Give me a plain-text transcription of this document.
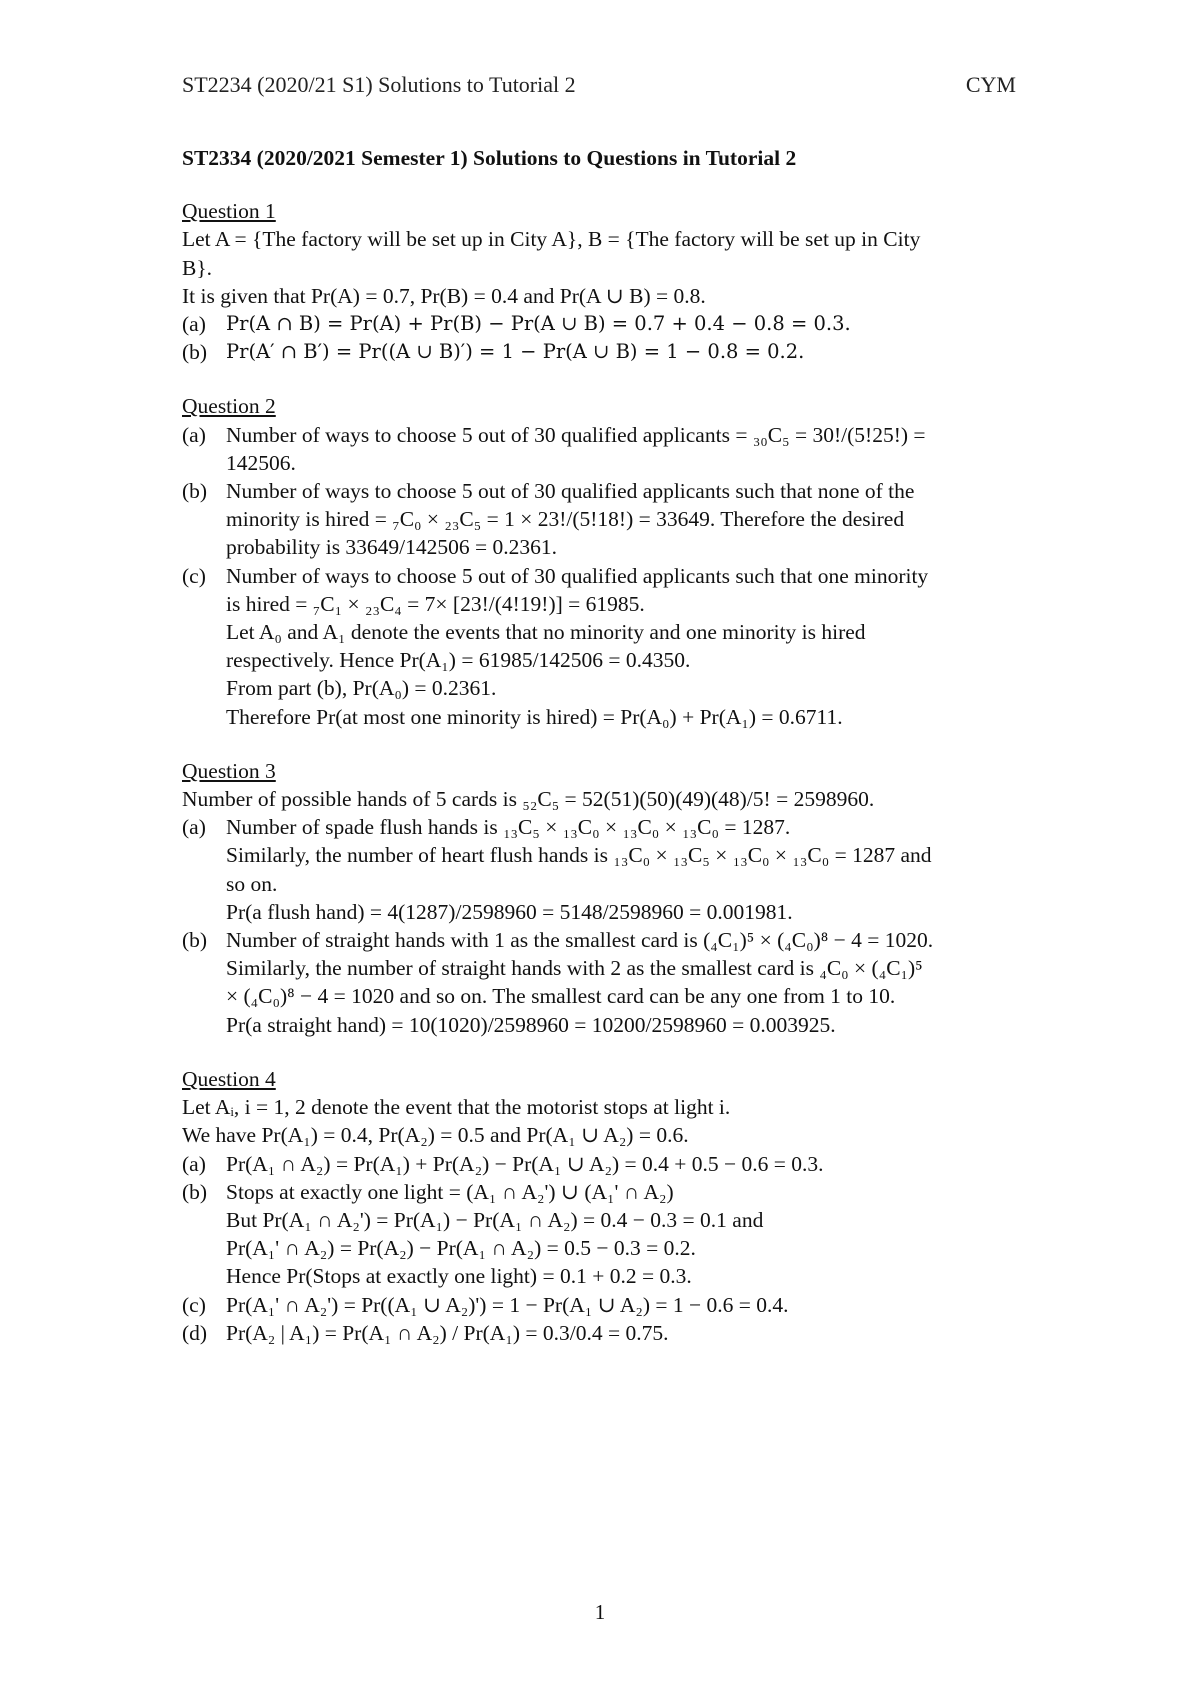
ST2234 (2020/21 S1) Solutions to Tutorial 2	CYM
ST2334 (2020/2021 Semester 1) Solutions to Questions in Tutorial 2
Question 1
Let A = {The factory will be set up in City A}, B = {The factory will be set up in City
B}.
It is given that Pr(A) = 0.7, Pr(B) = 0.4 and Pr(A ∪ B) = 0.8.
(a)	Pr(A ∩ B) = Pr(A) + Pr(B) − Pr(A ∪ B) = 0.7 + 0.4 − 0.8 = 0.3.
(b) Pr(A′ ∩ B′) = Pr((A ∪ B)′) = 1 − Pr(A ∪ B) = 1 − 0.8 = 0.2.
Question 2
(a) Number of ways to choose 5 out of 30 qualified applicants = ₃₀C₅ = 30!/(5!25!) =
142506.
(b) Number of ways to choose 5 out of 30 qualified applicants such that none of the
minority is hired = ₇C₀ × ₂₃C₅ = 1 × 23!/(5!18!) = 33649. Therefore the desired
probability is 33649/142506 = 0.2361.
(c) Number of ways to choose 5 out of 30 qualified applicants such that one minority
is hired = ₇C₁ × ₂₃C₄ = 7× [23!/(4!19!)] = 61985.
Let A₀ and A₁ denote the events that no minority and one minority is hired
respectively. Hence Pr(A₁) = 61985/142506 = 0.4350.
From part (b), Pr(A₀) = 0.2361.
Therefore Pr(at most one minority is hired) = Pr(A₀) + Pr(A₁) = 0.6711.
Question 3
Number of possible hands of 5 cards is ₅₂C₅ = 52(51)(50)(49)(48)/5! = 2598960.
(a) Number of spade flush hands is ₁₃C₅ × ₁₃C₀ × ₁₃C₀ × ₁₃C₀ = 1287.
Similarly, the number of heart flush hands is ₁₃C₀ × ₁₃C₅ × ₁₃C₀ × ₁₃C₀ = 1287 and
so on.
Pr(a flush hand) = 4(1287)/2598960 = 5148/2598960 = 0.001981.
(b) Number of straight hands with 1 as the smallest card is (₄C₁)⁵ × (₄C₀)⁸ − 4 = 1020.
Similarly, the number of straight hands with 2 as the smallest card is ₄C₀ × (₄C₁)⁵
× (₄C₀)⁸ − 4 = 1020 and so on. The smallest card can be any one from 1 to 10.
Pr(a straight hand) = 10(1020)/2598960 = 10200/2598960 = 0.003925.
Question 4
Let Aᵢ, i = 1, 2 denote the event that the motorist stops at light i.
We have Pr(A₁) = 0.4, Pr(A₂) = 0.5 and Pr(A₁ ∪ A₂) = 0.6.
(a) Pr(A₁ ∩ A₂) = Pr(A₁) + Pr(A₂) − Pr(A₁ ∪ A₂) = 0.4 + 0.5 − 0.6 = 0.3.
(b) Stops at exactly one light = (A₁ ∩ A₂') ∪ (A₁' ∩ A₂)
But Pr(A₁ ∩ A₂') = Pr(A₁) − Pr(A₁ ∩ A₂) = 0.4 − 0.3 = 0.1 and
Pr(A₁' ∩ A₂) = Pr(A₂) − Pr(A₁ ∩ A₂) = 0.5 − 0.3 = 0.2.
Hence Pr(Stops at exactly one light) = 0.1 + 0.2 = 0.3.
(c) Pr(A₁' ∩ A₂') = Pr((A₁ ∪ A₂)') = 1 − Pr(A₁ ∪ A₂) = 1 − 0.6 = 0.4.
(d) Pr(A₂ | A₁) = Pr(A₁ ∩ A₂) / Pr(A₁) = 0.3/0.4 = 0.75.
1
